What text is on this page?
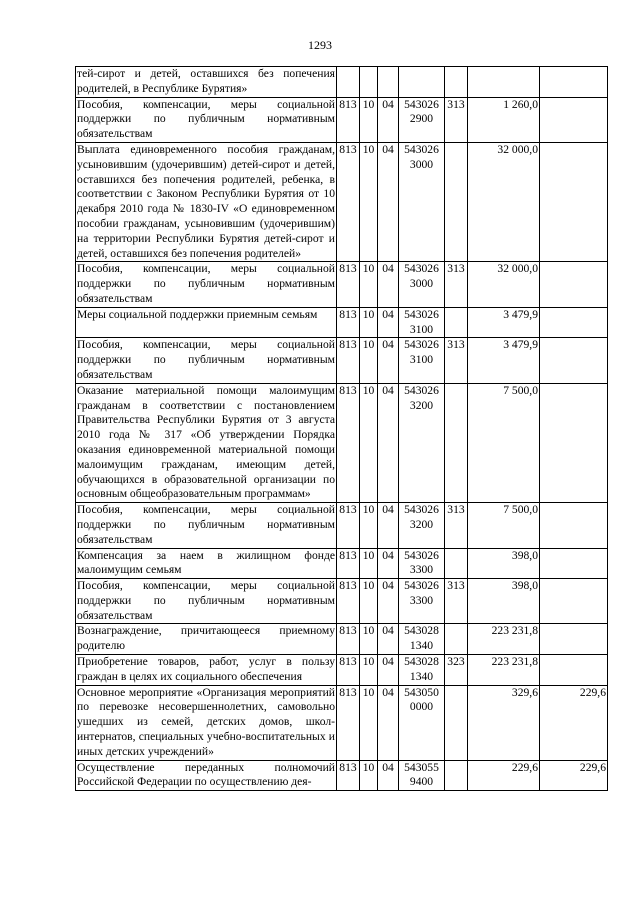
1293
тей-сирот и детей, оставшихся без попечения родителей, в Республике Бурятия»							
Пособия, компенсации, меры социальной поддержки по публичным нормативным обязательствам	813	10	04	543026 2900	313	1 260,0	
Выплата единовременного пособия гражданам, усыновившим (удочерившим) детей-сирот и детей, оставшихся без попечения родителей, ребенка, в соответствии с Законом Республики Бурятия от 10 декабря 2010 года № 1830-IV «О единовременном пособии гражданам, усыновившим (удочерившим) на территории Республики Бурятия детей-сирот и детей, оставшихся без попечения родителей»	813	10	04	543026 3000		32 000,0	
Пособия, компенсации, меры социальной поддержки по публичным нормативным обязательствам	813	10	04	543026 3000	313	32 000,0	
Меры социальной поддержки приемным семьям	813	10	04	543026 3100		3 479,9	
Пособия, компенсации, меры социальной поддержки по публичным нормативным обязательствам	813	10	04	543026 3100	313	3 479,9	
Оказание материальной помощи малоимущим гражданам в соответствии с постановлением Правительства Республики Бурятия от 3 августа 2010 года № 317 «Об утверждении Порядка оказания единовременной материальной помощи малоимущим гражданам, имеющим детей, обучающихся в образовательной организации по основным общеобразовательным программам»	813	10	04	543026 3200		7 500,0	
Пособия, компенсации, меры социальной поддержки по публичным нормативным обязательствам	813	10	04	543026 3200	313	7 500,0	
Компенсация за наем в жилищном фонде малоимущим семьям	813	10	04	543026 3300		398,0	
Пособия, компенсации, меры социальной поддержки по публичным нормативным обязательствам	813	10	04	543026 3300	313	398,0	
Вознаграждение, причитающееся приемному родителю	813	10	04	543028 1340		223 231,8	
Приобретение товаров, работ, услуг в пользу граждан в целях их социального обеспечения	813	10	04	543028 1340	323	223 231,8	
Основное мероприятие «Организация мероприятий по перевозке несовершеннолетних, самовольно ушедших из семей, детских домов, школ-интернатов, специальных учебно-воспитательных и иных детских учреждений»	813	10	04	543050 0000		329,6	229,6
Осуществление переданных полномочий Российской Федерации по осуществлению дея-	813	10	04	543055 9400		229,6	229,6
